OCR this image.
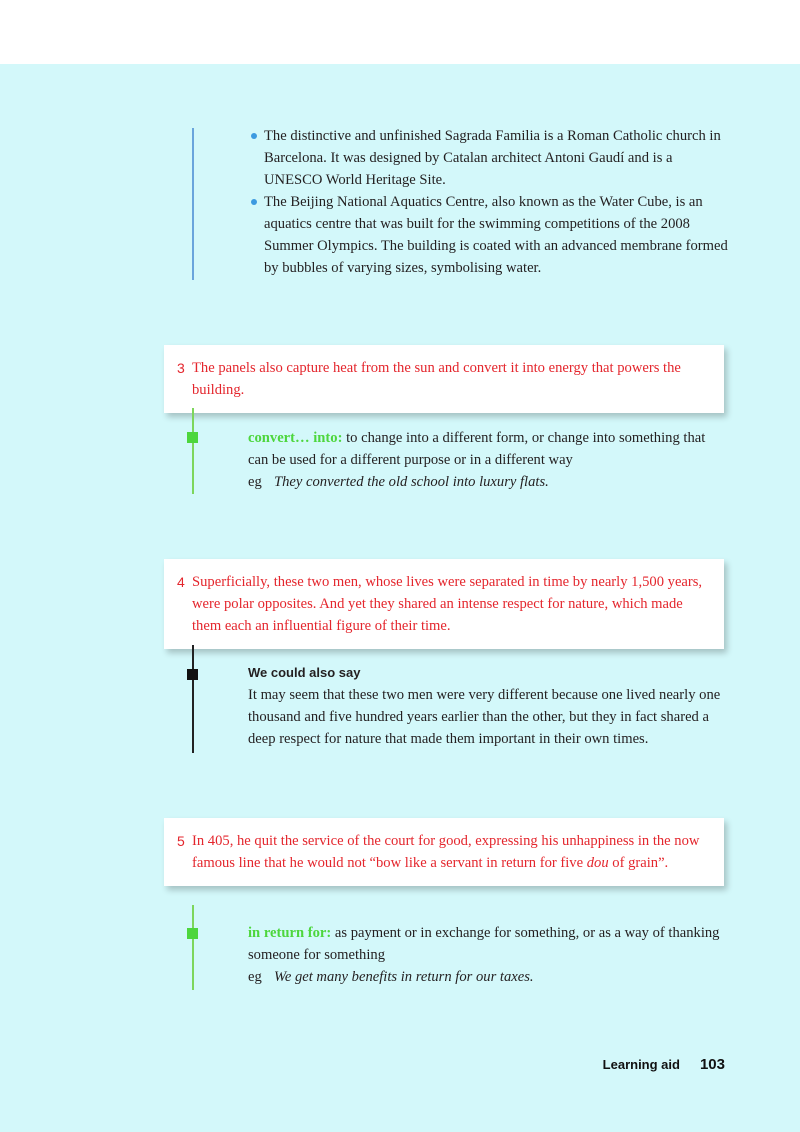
The distinctive and unfinished Sagrada Familia is a Roman Catholic church in Barcelona. It was designed by Catalan architect Antoni Gaudí and is a UNESCO World Heritage Site.
The Beijing National Aquatics Centre, also known as the Water Cube, is an aquatics centre that was built for the swimming competitions of the 2008 Summer Olympics. The building is coated with an advanced membrane formed by bubbles of varying sizes, symbolising water.
3 The panels also capture heat from the sun and convert it into energy that powers the building.
convert… into: to change into a different form, or change into something that can be used for a different purpose or in a different way
eg They converted the old school into luxury flats.
4 Superficially, these two men, whose lives were separated in time by nearly 1,500 years, were polar opposites. And yet they shared an intense respect for nature, which made them each an influential figure of their time.
We could also say
It may seem that these two men were very different because one lived nearly one thousand and five hundred years earlier than the other, but they in fact shared a deep respect for nature that made them important in their own times.
5 In 405, he quit the service of the court for good, expressing his unhappiness in the now famous line that he would not “bow like a servant in return for five dou of grain”.
in return for: as payment or in exchange for something, or as a way of thanking someone for something
eg We get many benefits in return for our taxes.
Learning aid 103
